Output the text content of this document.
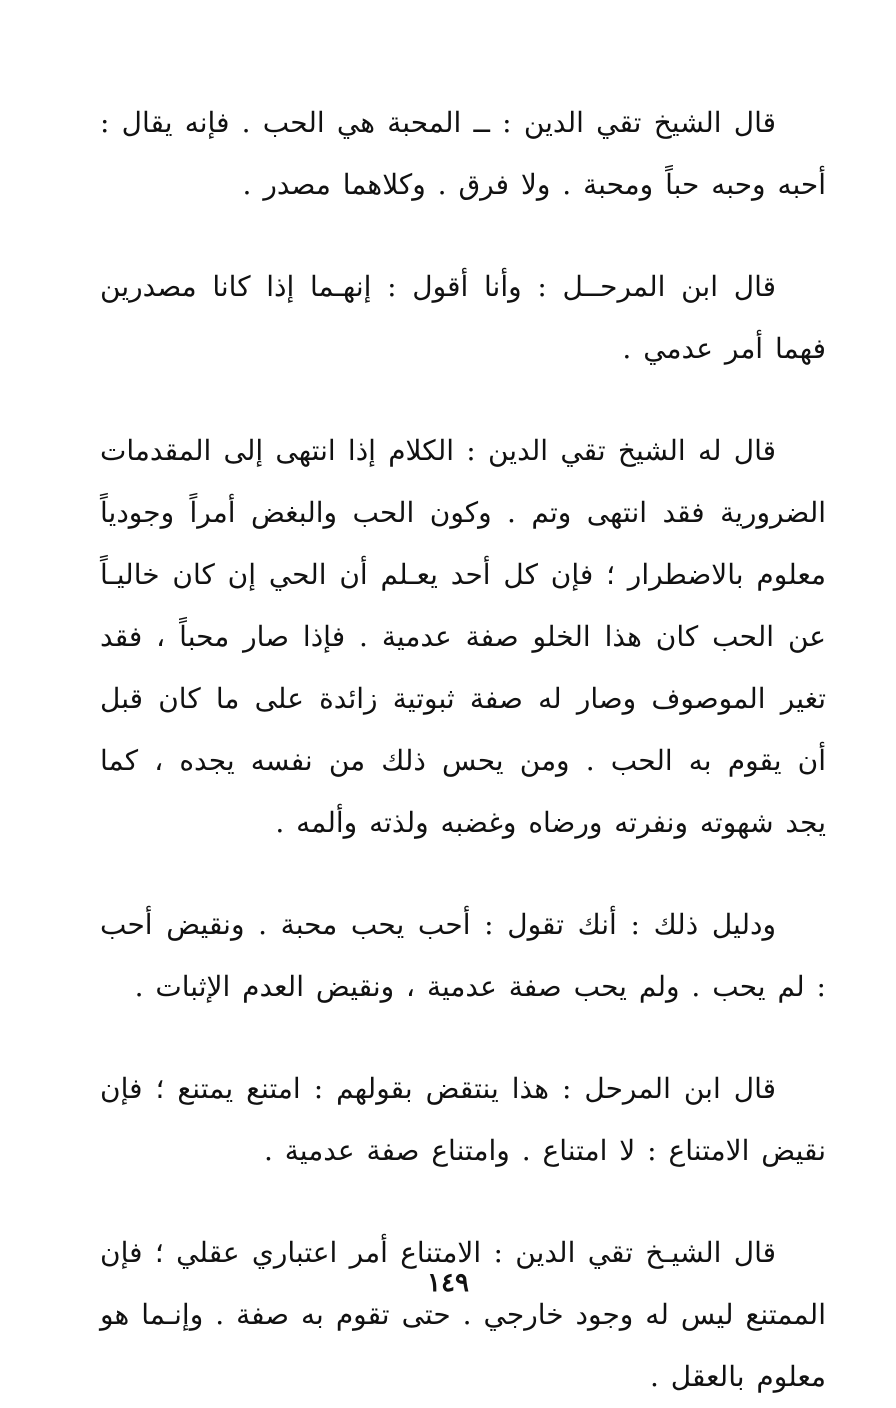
قال الشيخ تقي الدين : ــ المحبة هي الحب . فإنه يقال : أحبه وحبه حباً ومحبة . ولا فرق . وكلاهما مصدر .

قال ابن المرحــل : وأنا أقول : إنهـما إذا كانا مصدرين فهما أمر عدمي .

قال له الشيخ تقي الدين : الكلام إذا انتهى إلى المقدمات الضرورية فقد انتهى وتم . وكون الحب والبغض أمراً وجودياً معلوم بالاضطرار ؛ فإن كل أحد يعـلم أن الحي إن كان خاليـاً عن الحب كان هذا الخلو صفة عدمية . فإذا صار محباً ، فقد تغير الموصوف وصار له صفة ثبوتية زائدة على ما كان قبل أن يقوم به الحب . ومن يحس ذلك من نفسه يجده ، كما يجد شهوته ونفرته ورضاه وغضبه ولذته وألمه .

ودليل ذلك : أنك تقول : أحب يحب محبة . ونقيض أحب : لم يحب . ولم يحب صفة عدمية ، ونقيض العدم الإثبات .

قال ابن المرحل : هذا ينتقض بقولهم : امتنع يمتنع ؛ فإن نقيض الامتناع : لا امتناع . وامتناع صفة عدمية .

قال الشيـخ تقي الدين : الامتناع أمر اعتباري عقلي ؛ فإن الممتنع ليس له وجود خارجي . حتى تقوم به صفة . وإنـما هو معلوم بالعقل .

١٤٩
